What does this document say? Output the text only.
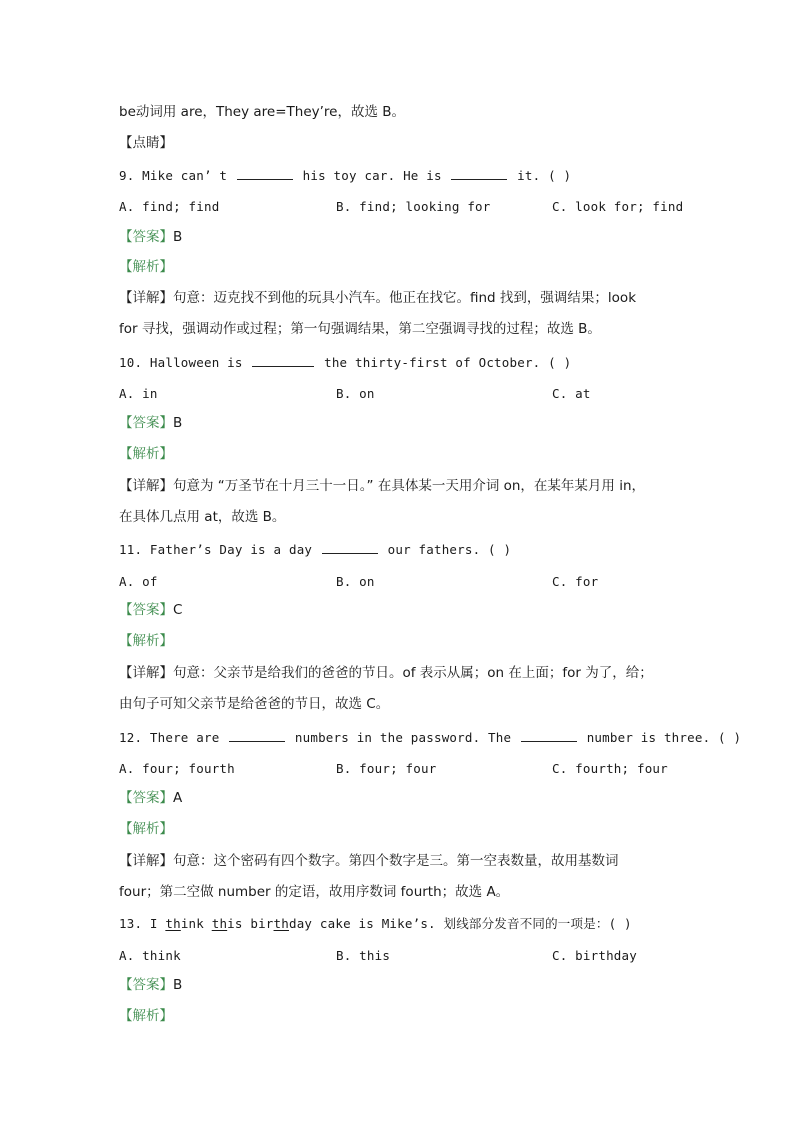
be动词用 are，They are=They’re，故选 B。
【点睛】
9. Mike can’ t	his toy car. He is	it. ( )
A. find; find	B. find; looking for	C. look for; find
【答案】B
【解析】
【详解】句意：迈克找不到他的玩具小汽车。他正在找它。find 找到，强调结果；look
for 寻找，强调动作或过程；第一句强调结果，第二空强调寻找的过程；故选 B。
10. Halloween is	the thirty-first of October. ( )
A. in	B. on	C. at
【答案】B
【解析】
【详解】句意为 “万圣节在十月三十一日。” 在具体某一天用介词 on，在某年某月用 in，
在具体几点用 at，故选 B。
11. Father’s Day is a day	our fathers. ( )
A. of	B. on	C. for
【答案】C
【解析】
【详解】句意：父亲节是给我们的爸爸的节日。of 表示从属；on 在上面；for 为了，给；
由句子可知父亲节是给爸爸的节日，故选 C。
12. There are	numbers in the password. The	number is three. ( )
A. four; fourth	B. four; four	C. fourth; four
【答案】A
【解析】
【详解】句意：这个密码有四个数字。第四个数字是三。第一空表数量，故用基数词
four；第二空做 number 的定语，故用序数词 fourth；故选 A。
13. I think this birthday cake is Mike’s. 划线部分发音不同的一项是：( )
A. think	B. this	C. birthday
【答案】B
【解析】
